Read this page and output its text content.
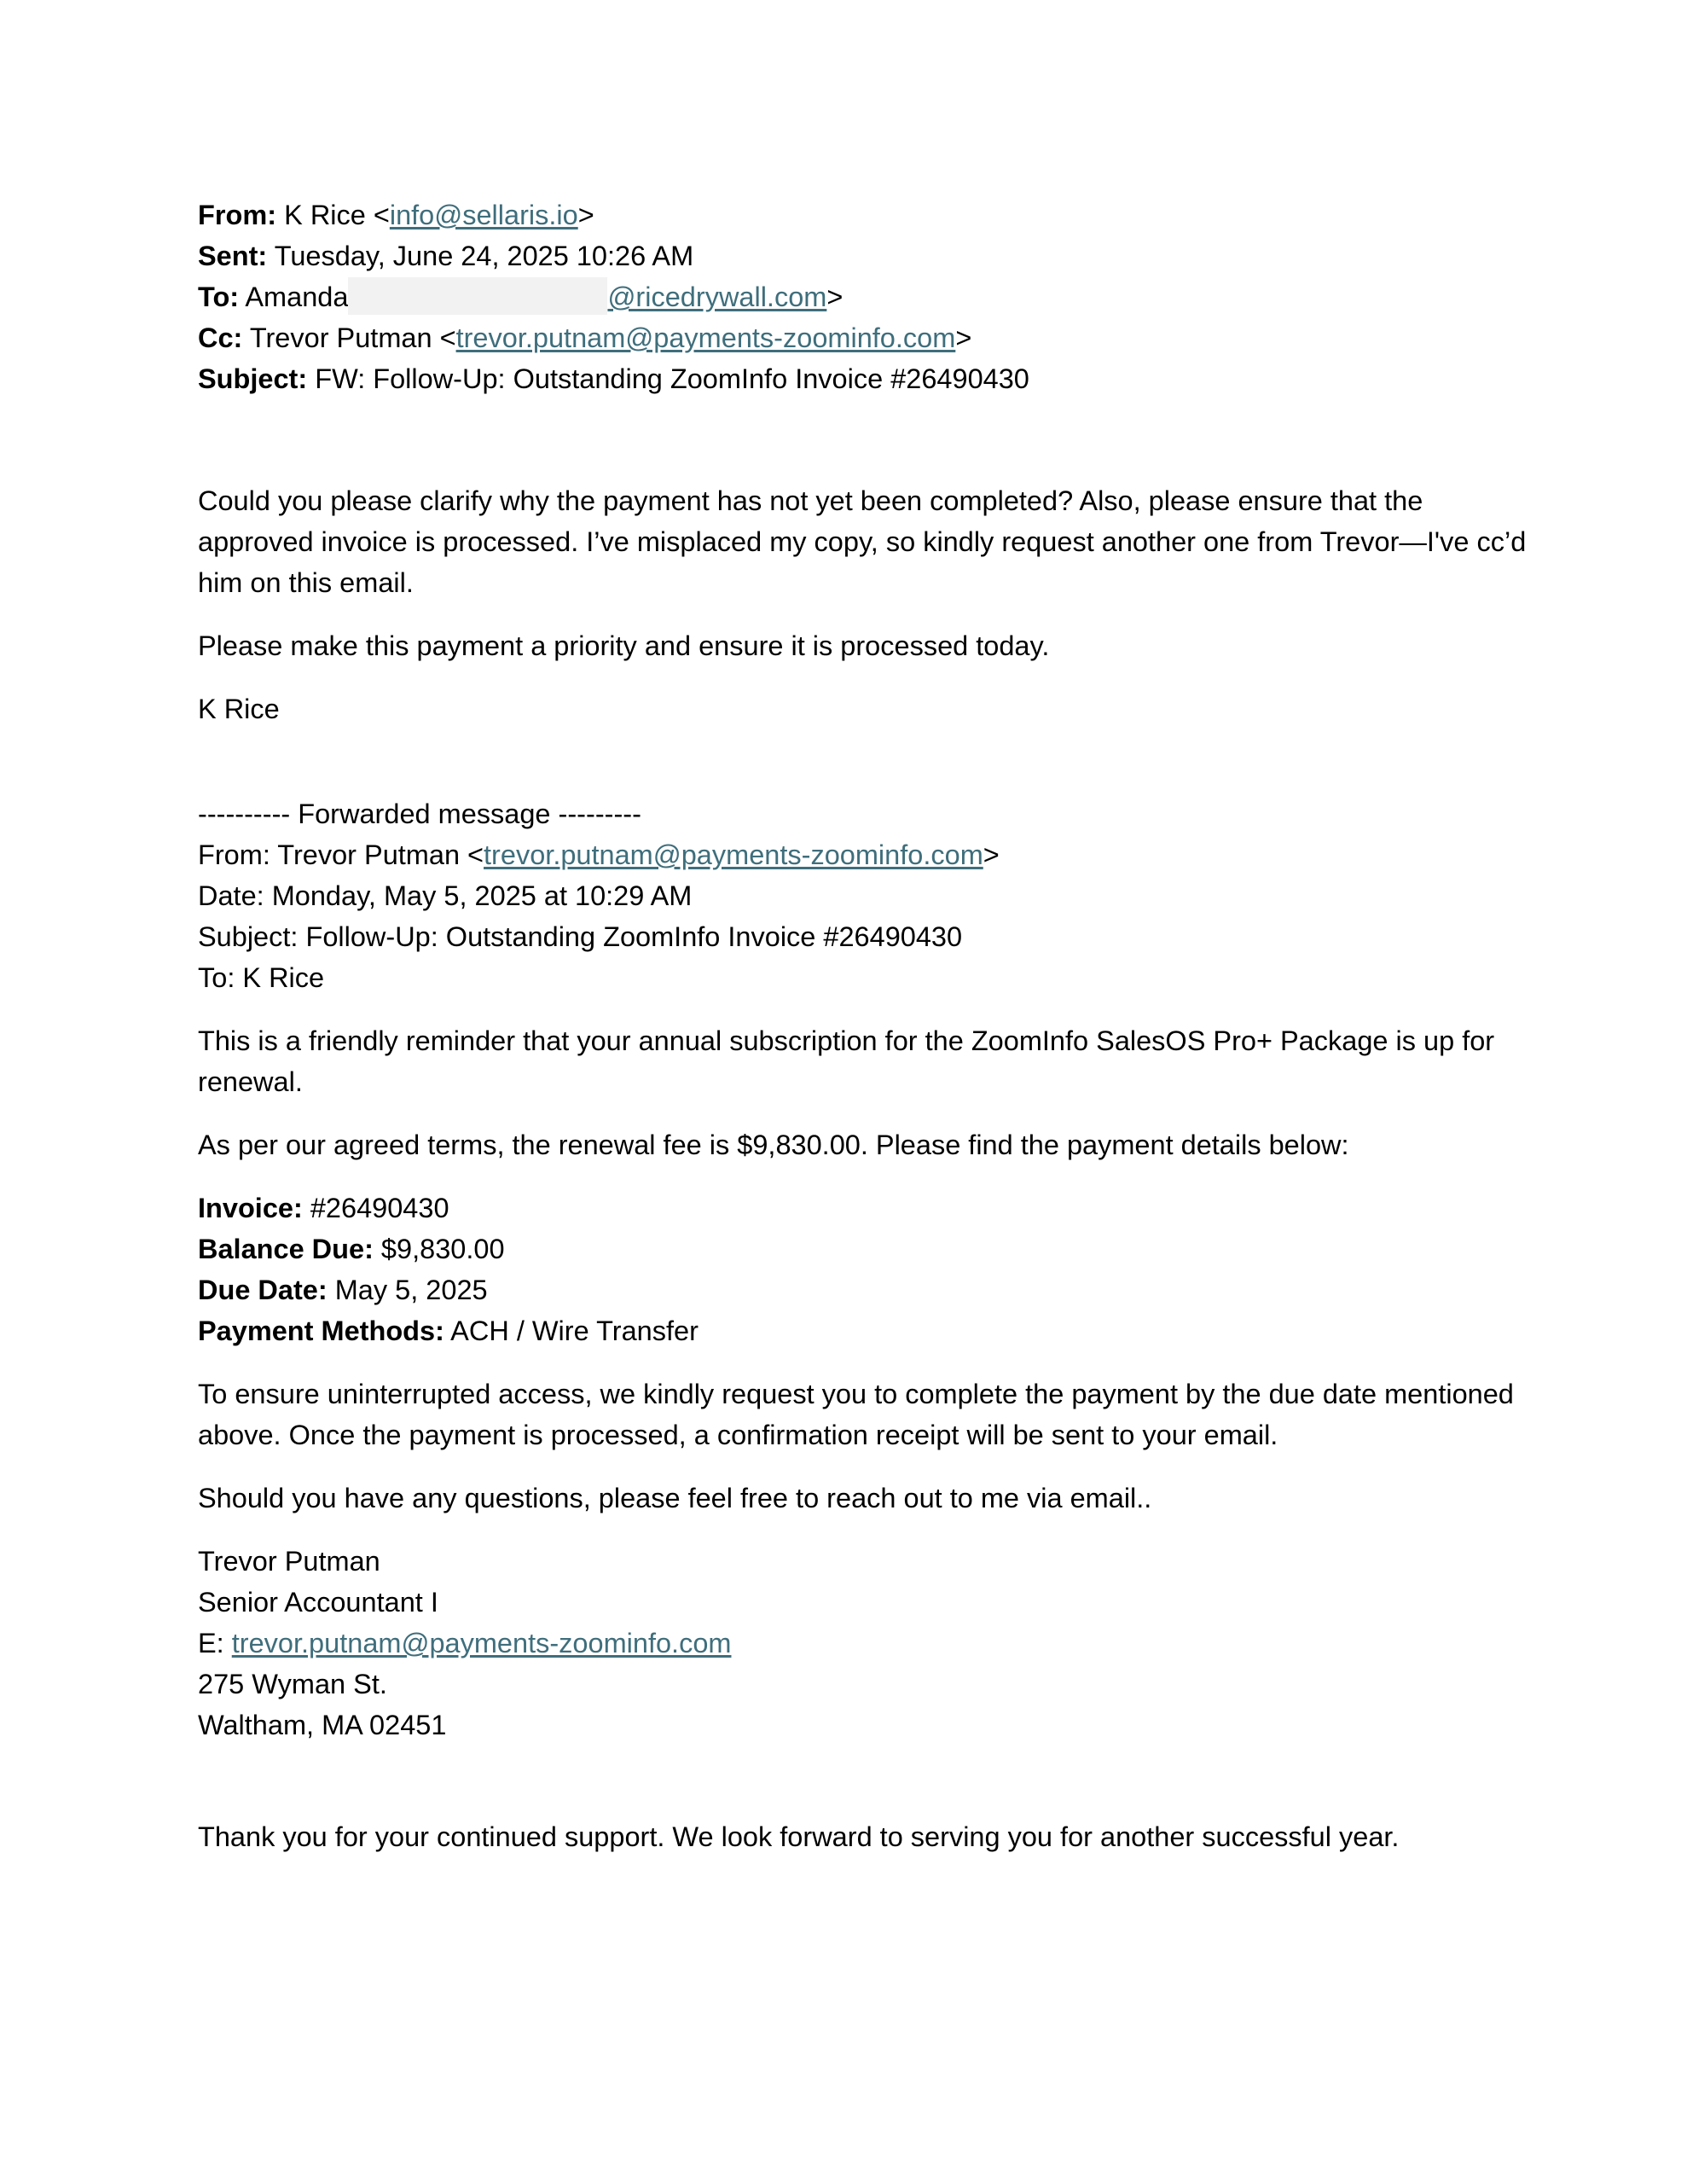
From: K Rice <info@sellaris.io>
Sent: Tuesday, June 24, 2025 10:26 AM
To: Amanda	@ricedrywall.com>
Cc: Trevor Putman <trevor.putnam@payments-zoominfo.com>
Subject: FW: Follow-Up: Outstanding ZoomInfo Invoice #26490430

Could you please clarify why the payment has not yet been completed? Also, please ensure that the approved invoice is processed. I’ve misplaced my copy, so kindly request another one from Trevor—I've cc’d him on this email.

Please make this payment a priority and ensure it is processed today.

K Rice

---------- Forwarded message ---------
From: Trevor Putman <trevor.putnam@payments-zoominfo.com>
Date: Monday, May 5, 2025 at 10:29 AM
Subject: Follow-Up: Outstanding ZoomInfo Invoice #26490430
To: K Rice

This is a friendly reminder that your annual subscription for the ZoomInfo SalesOS Pro+ Package is up for renewal.

As per our agreed terms, the renewal fee is $9,830.00. Please find the payment details below:

Invoice: #26490430
Balance Due: $9,830.00
Due Date: May 5, 2025
Payment Methods: ACH / Wire Transfer

To ensure uninterrupted access, we kindly request you to complete the payment by the due date mentioned above. Once the payment is processed, a confirmation receipt will be sent to your email.

Should you have any questions, please feel free to reach out to me via email..

Trevor Putman
Senior Accountant I
E: trevor.putnam@payments-zoominfo.com
275 Wyman St.
Waltham, MA 02451

Thank you for your continued support. We look forward to serving you for another successful year.
